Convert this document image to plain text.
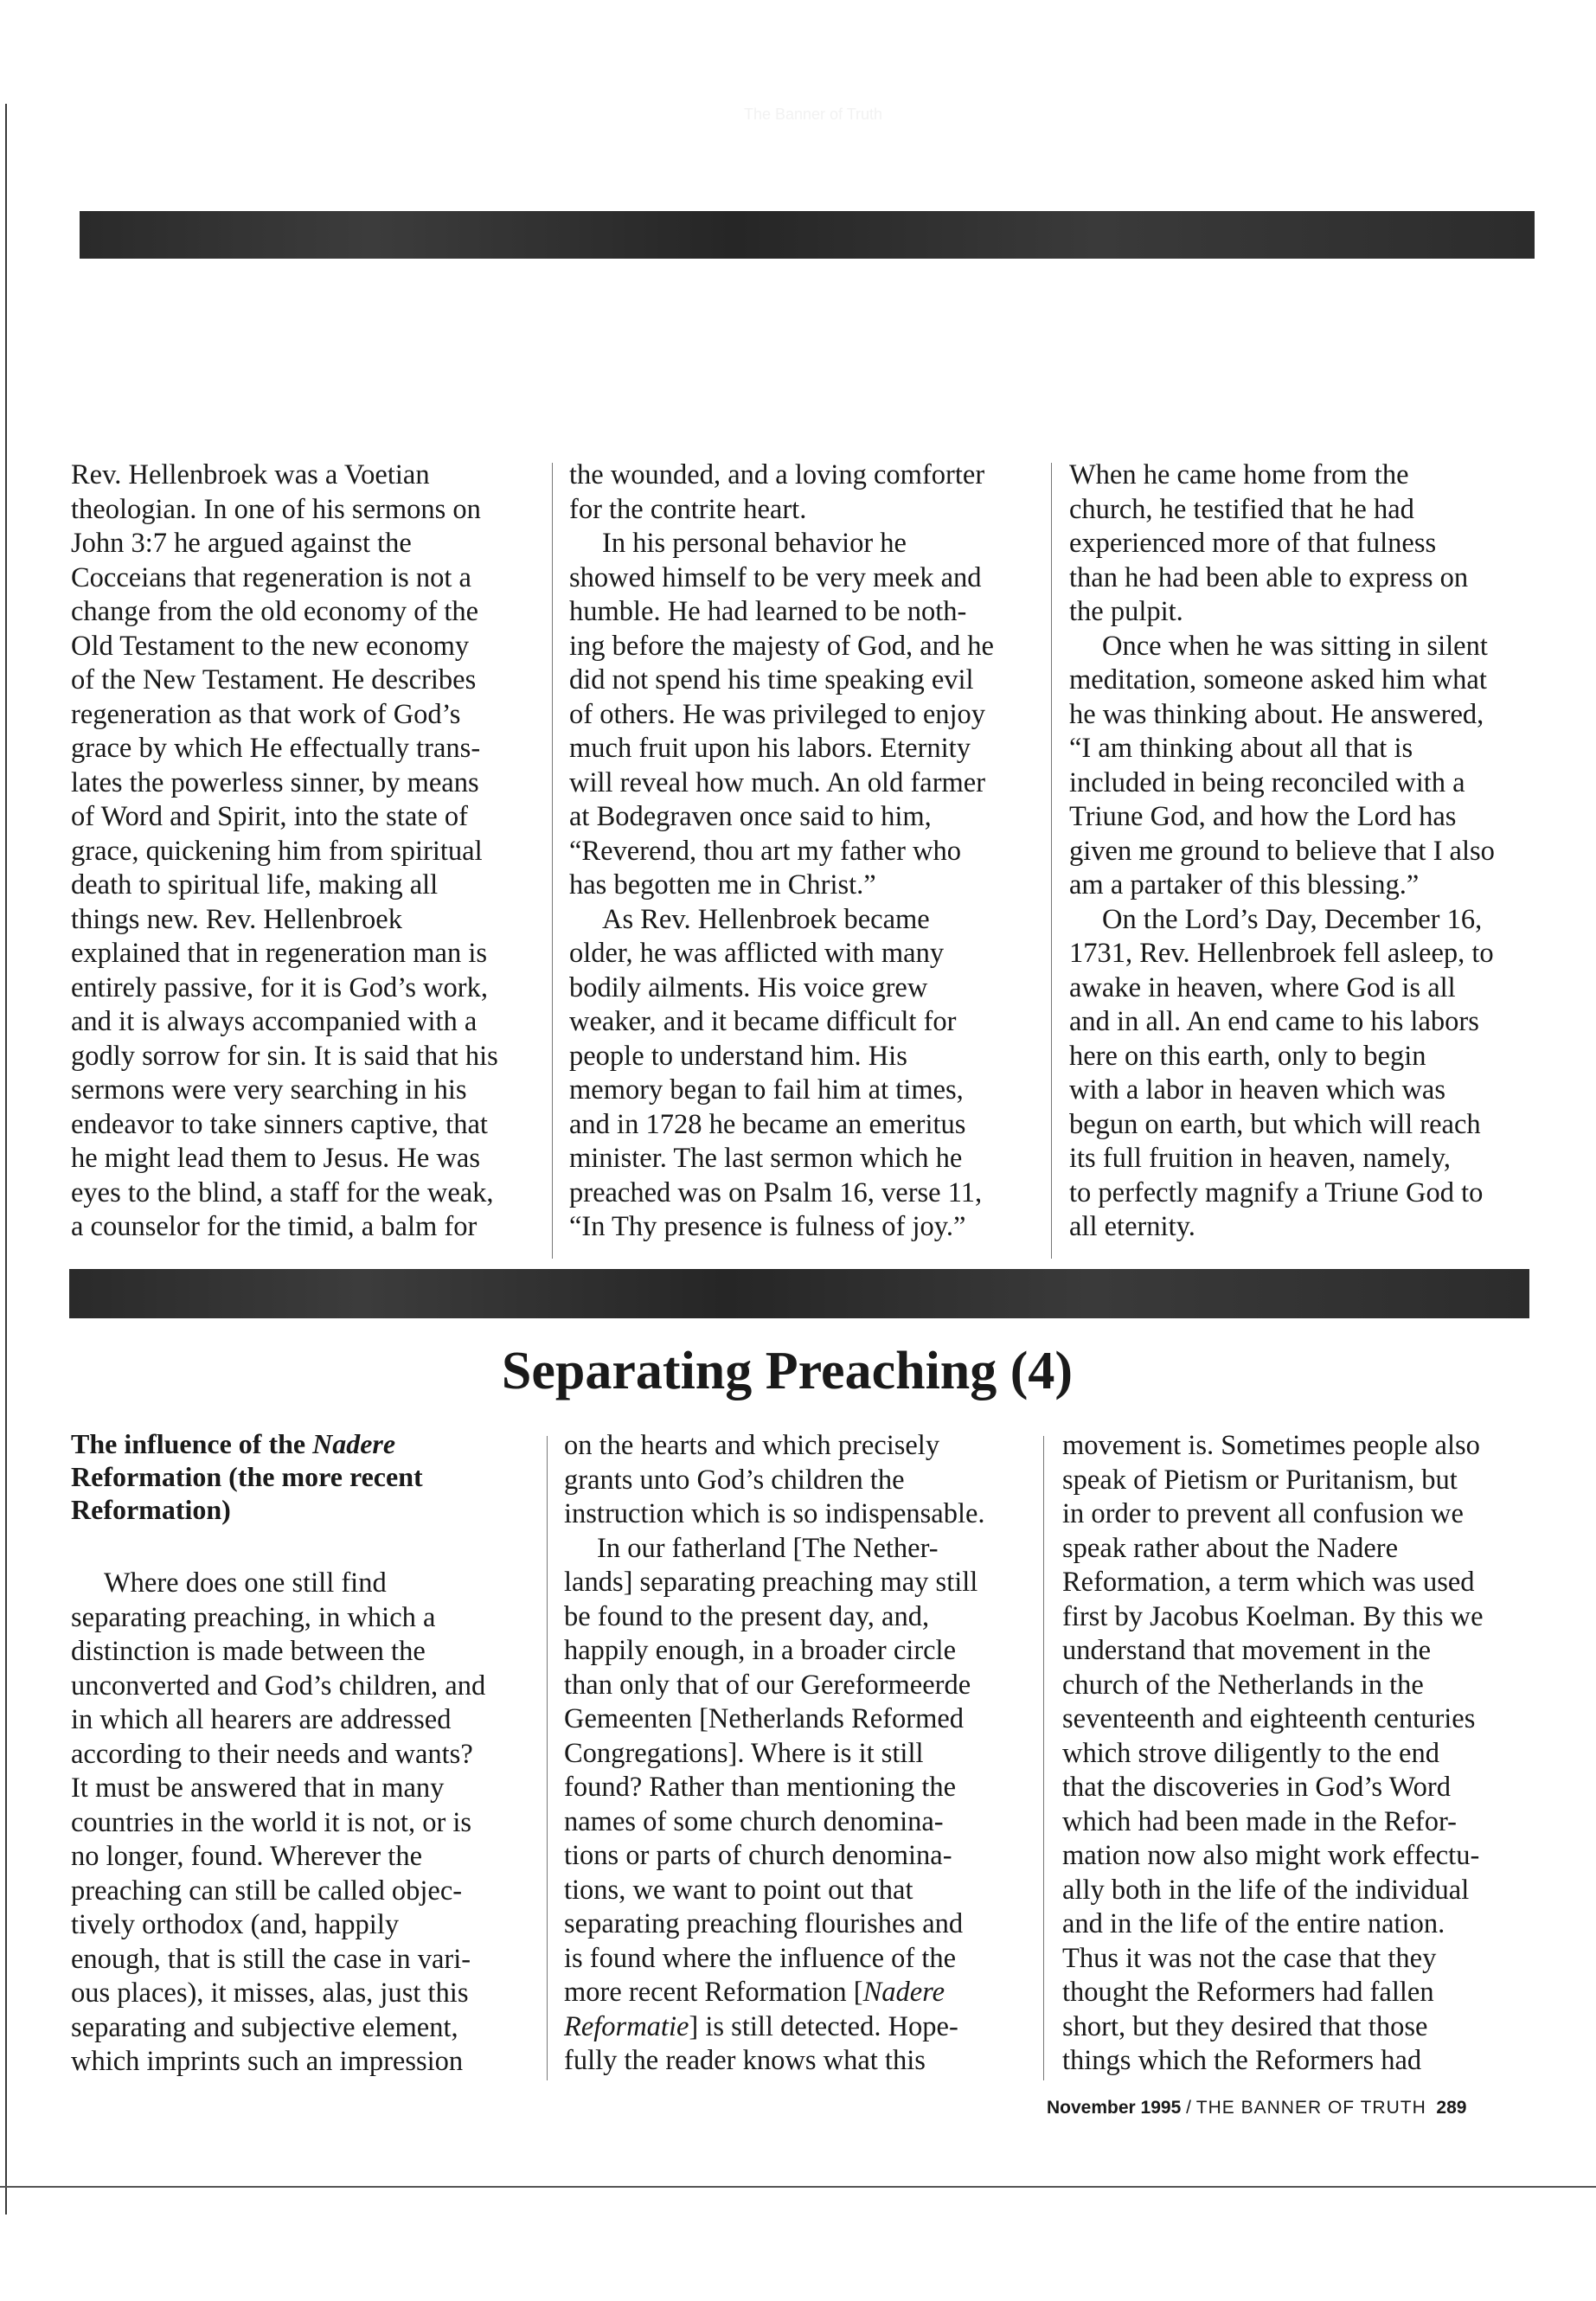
The Banner of Truth

Rev. Hellenbroek was a Voetian

theologian. In one of his sermons on

John 3:7 he argued against the

Cocceians that regeneration is not a

change from the old economy of the

Old Testament to the new economy

of the New Testament. He describes

regeneration as that work of God’s

grace by which He effectually trans-

lates the powerless sinner, by means

of Word and Spirit, into the state of

grace, quickening him from spiritual

death to spiritual life, making all

things new. Rev. Hellenbroek

explained that in regeneration man is

entirely passive, for it is God’s work,

and it is always accompanied with a

godly sorrow for sin. It is said that his

sermons were very searching in his

endeavor to take sinners captive, that

he might lead them to Jesus. He was

eyes to the blind, a staff for the weak,

a counselor for the timid, a balm for

the wounded, and a loving comforter

for the contrite heart.

In his personal behavior he

showed himself to be very meek and

humble. He had learned to be noth-

ing before the majesty of God, and he

did not spend his time speaking evil

of others. He was privileged to enjoy

much fruit upon his labors. Eternity

will reveal how much. An old farmer

at Bodegraven once said to him,

“Reverend, thou art my father who

has begotten me in Christ.”

As Rev. Hellenbroek became

older, he was afflicted with many

bodily ailments. His voice grew

weaker, and it became difficult for

people to understand him. His

memory began to fail him at times,

and in 1728 he became an emeritus

minister. The last sermon which he

preached was on Psalm 16, verse 11,

“In Thy presence is fulness of joy.”

When he came home from the

church, he testified that he had

experienced more of that fulness

than he had been able to express on

the pulpit.

Once when he was sitting in silent

meditation, someone asked him what

he was thinking about. He answered,

“I am thinking about all that is

included in being reconciled with a

Triune God, and how the Lord has

given me ground to believe that I also

am a partaker of this blessing.”

On the Lord’s Day, December 16,

1731, Rev. Hellenbroek fell asleep, to

awake in heaven, where God is all

and in all. An end came to his labors

here on this earth, only to begin

with a labor in heaven which was

begun on earth, but which will reach

its full fruition in heaven, namely,

to perfectly magnify a Triune God to

all eternity.

Separating Preaching (4)
The influence of the Nadere
Reformation (the more recent
Reformation)

Where does one still find

separating preaching, in which a

distinction is made between the

unconverted and God’s children, and

in which all hearers are addressed

according to their needs and wants?

It must be answered that in many

countries in the world it is not, or is

no longer, found. Wherever the

preaching can still be called objec-

tively orthodox (and, happily

enough, that is still the case in vari-

ous places), it misses, alas, just this

separating and subjective element,

which imprints such an impression

on the hearts and which precisely

grants unto God’s children the

instruction which is so indispensable.

In our fatherland [The Nether-

lands] separating preaching may still

be found to the present day, and,

happily enough, in a broader circle

than only that of our Gereformeerde

Gemeenten [Netherlands Reformed

Congregations]. Where is it still

found? Rather than mentioning the

names of some church denomina-

tions or parts of church denomina-

tions, we want to point out that

separating preaching flourishes and

is found where the influence of the

more recent Reformation [Nadere

Reformatie] is still detected. Hope-

fully the reader knows what this

movement is. Sometimes people also

speak of Pietism or Puritanism, but

in order to prevent all confusion we

speak rather about the Nadere

Reformation, a term which was used

first by Jacobus Koelman. By this we

understand that movement in the

church of the Netherlands in the

seventeenth and eighteenth centuries

which strove diligently to the end

that the discoveries in God’s Word

which had been made in the Refor-

mation now also might work effectu-

ally both in the life of the individual

and in the life of the entire nation.

Thus it was not the case that they

thought the Reformers had fallen

short, but they desired that those

things which the Reformers had

November 1995 / THE BANNER OF TRUTH 289
